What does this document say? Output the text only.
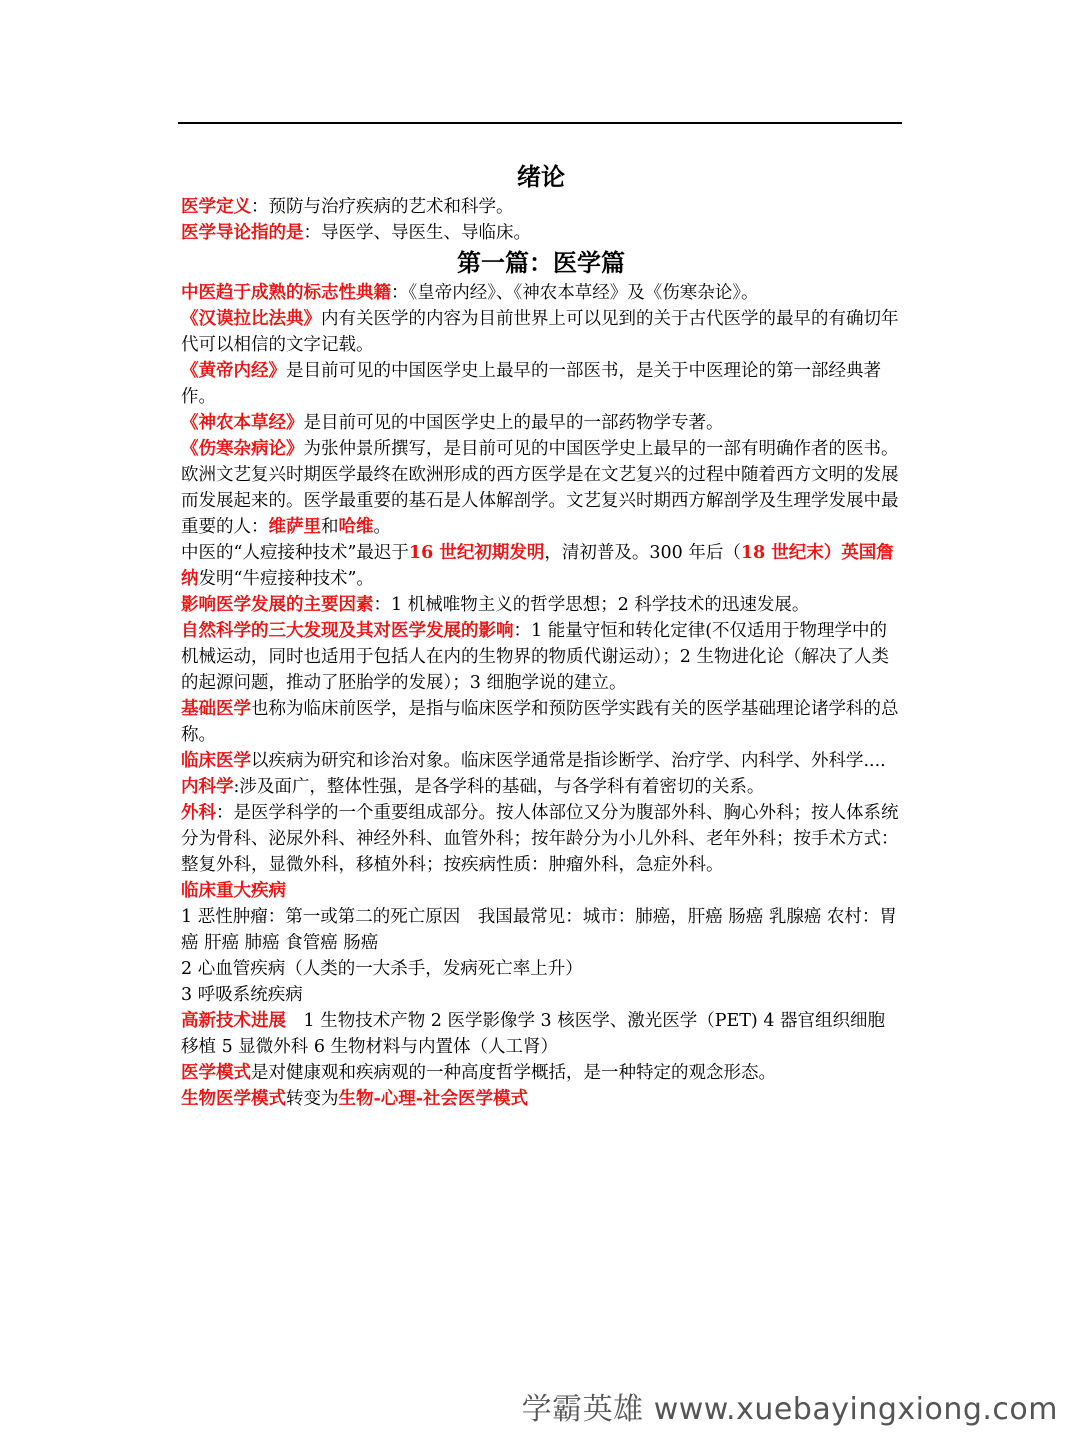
绪论

医学定义：预防与治疗疾病的艺术和科学。

医学导论指的是：导医学、导医生、导临床。

第一篇：医学篇

中医趋于成熟的标志性典籍：《皇帝内经》、《神农本草经》及《伤寒杂论》。

《汉谟拉比法典》内有关医学的内容为目前世界上可以见到的关于古代医学的最早的有确切年代可以相信的文字记载。

《黄帝内经》是目前可见的中国医学史上最早的一部医书，是关于中医理论的第一部经典著作。

《神农本草经》是目前可见的中国医学史上的最早的一部药物学专著。

《伤寒杂病论》为张仲景所撰写，是目前可见的中国医学史上最早的一部有明确作者的医书。

欧洲文艺复兴时期医学最终在欧洲形成的西方医学是在文艺复兴的过程中随着西方文明的发展而发展起来的。医学最重要的基石是人体解剖学。文艺复兴时期西方解剖学及生理学发展中最重要的人：维萨里和哈维。

中医的“人痘接种技术”最迟于16 世纪初期发明，清初普及。300 年后（18 世纪末）英国詹纳发明“牛痘接种技术”。

影响医学发展的主要因素：1 机械唯物主义的哲学思想；2 科学技术的迅速发展。

自然科学的三大发现及其对医学发展的影响：1 能量守恒和转化定律(不仅适用于物理学中的机械运动，同时也适用于包括人在内的生物界的物质代谢运动）；2 生物进化论（解决了人类的起源问题，推动了胚胎学的发展）；3 细胞学说的建立。

基础医学也称为临床前医学，是指与临床医学和预防医学实践有关的医学基础理论诸学科的总称。

临床医学以疾病为研究和诊治对象。临床医学通常是指诊断学、治疗学、内科学、外科学....

内科学:涉及面广，整体性强，是各学科的基础，与各学科有着密切的关系。

外科：是医学科学的一个重要组成部分。按人体部位又分为腹部外科、胸心外科；按人体系统分为骨科、泌尿外科、神经外科、血管外科；按年龄分为小儿外科、老年外科；按手术方式：整复外科，显微外科，移植外科；按疾病性质：肿瘤外科，急症外科。

临床重大疾病

1 恶性肿瘤：第一或第二的死亡原因　我国最常见：城市：肺癌，肝癌 肠癌 乳腺癌 农村：胃癌 肝癌 肺癌 食管癌 肠癌

2 心血管疾病（人类的一大杀手，发病死亡率上升）

3 呼吸系统疾病

高新技术进展　1 生物技术产物 2 医学影像学 3 核医学、激光医学（PET) 4 器官组织细胞移植 5 显微外科 6 生物材料与内置体（人工肾）

医学模式是对健康观和疾病观的一种高度哲学概括，是一种特定的观念形态。

生物医学模式转变为生物-心理-社会医学模式

学霸英雄 www.xuebayingxiong.com
